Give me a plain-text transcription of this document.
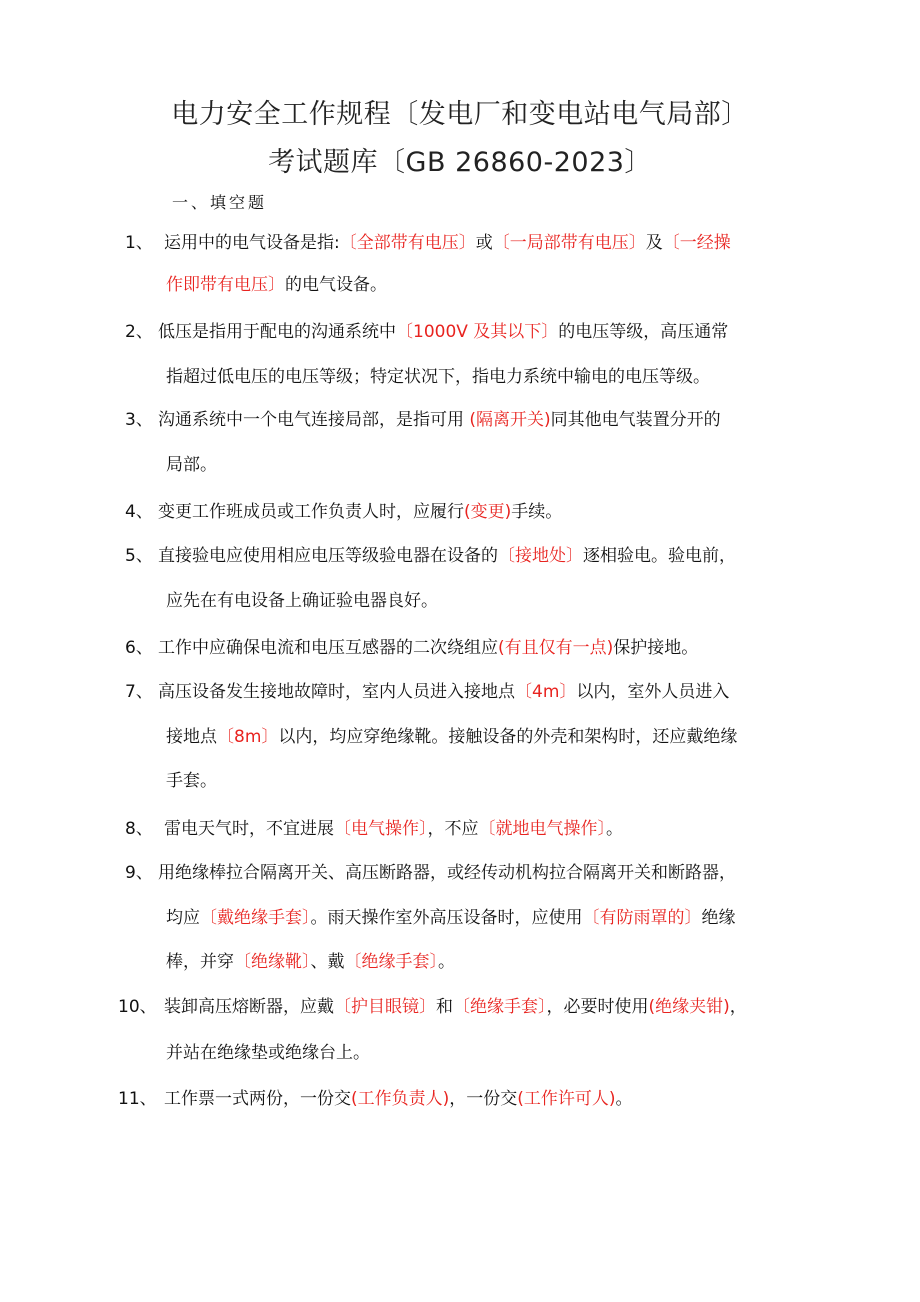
电力安全工作规程〔发电厂和变电站电气局部〕
考试题库〔GB 26860-2023〕
一、填空题
1、 运用中的电气设备是指:〔全部带有电压〕或〔一局部带有电压〕及〔一经操
作即带有电压〕的电气设备。
2、 低压是指用于配电的沟通系统中〔1000V 及其以下〕的电压等级，高压通常
指超过低电压的电压等级；特定状况下，指电力系统中输电的电压等级。
3、 沟通系统中一个电气连接局部，是指可用 (隔离开关)同其他电气装置分开的
局部。
4、 变更工作班成员或工作负责人时，应履行(变更)手续。
5、 直接验电应使用相应电压等级验电器在设备的〔接地处〕逐相验电。验电前，
应先在有电设备上确证验电器良好。
6、 工作中应确保电流和电压互感器的二次绕组应(有且仅有一点)保护接地。
7、 高压设备发生接地故障时，室内人员进入接地点〔4m〕以内，室外人员进入
接地点〔8m〕以内，均应穿绝缘靴。接触设备的外壳和架构时，还应戴绝缘
手套。
8、 雷电天气时，不宜进展〔电气操作〕，不应〔就地电气操作〕。
9、 用绝缘棒拉合隔离开关、高压断路器，或经传动机构拉合隔离开关和断路器，
均应〔戴绝缘手套〕。雨天操作室外高压设备时，应使用〔有防雨罩的〕绝缘
棒，并穿〔绝缘靴〕、戴〔绝缘手套〕。
10、 装卸高压熔断器，应戴〔护目眼镜〕和〔绝缘手套〕，必要时使用(绝缘夹钳)，
并站在绝缘垫或绝缘台上。
11、 工作票一式两份，一份交(工作负责人)，一份交(工作许可人)。
